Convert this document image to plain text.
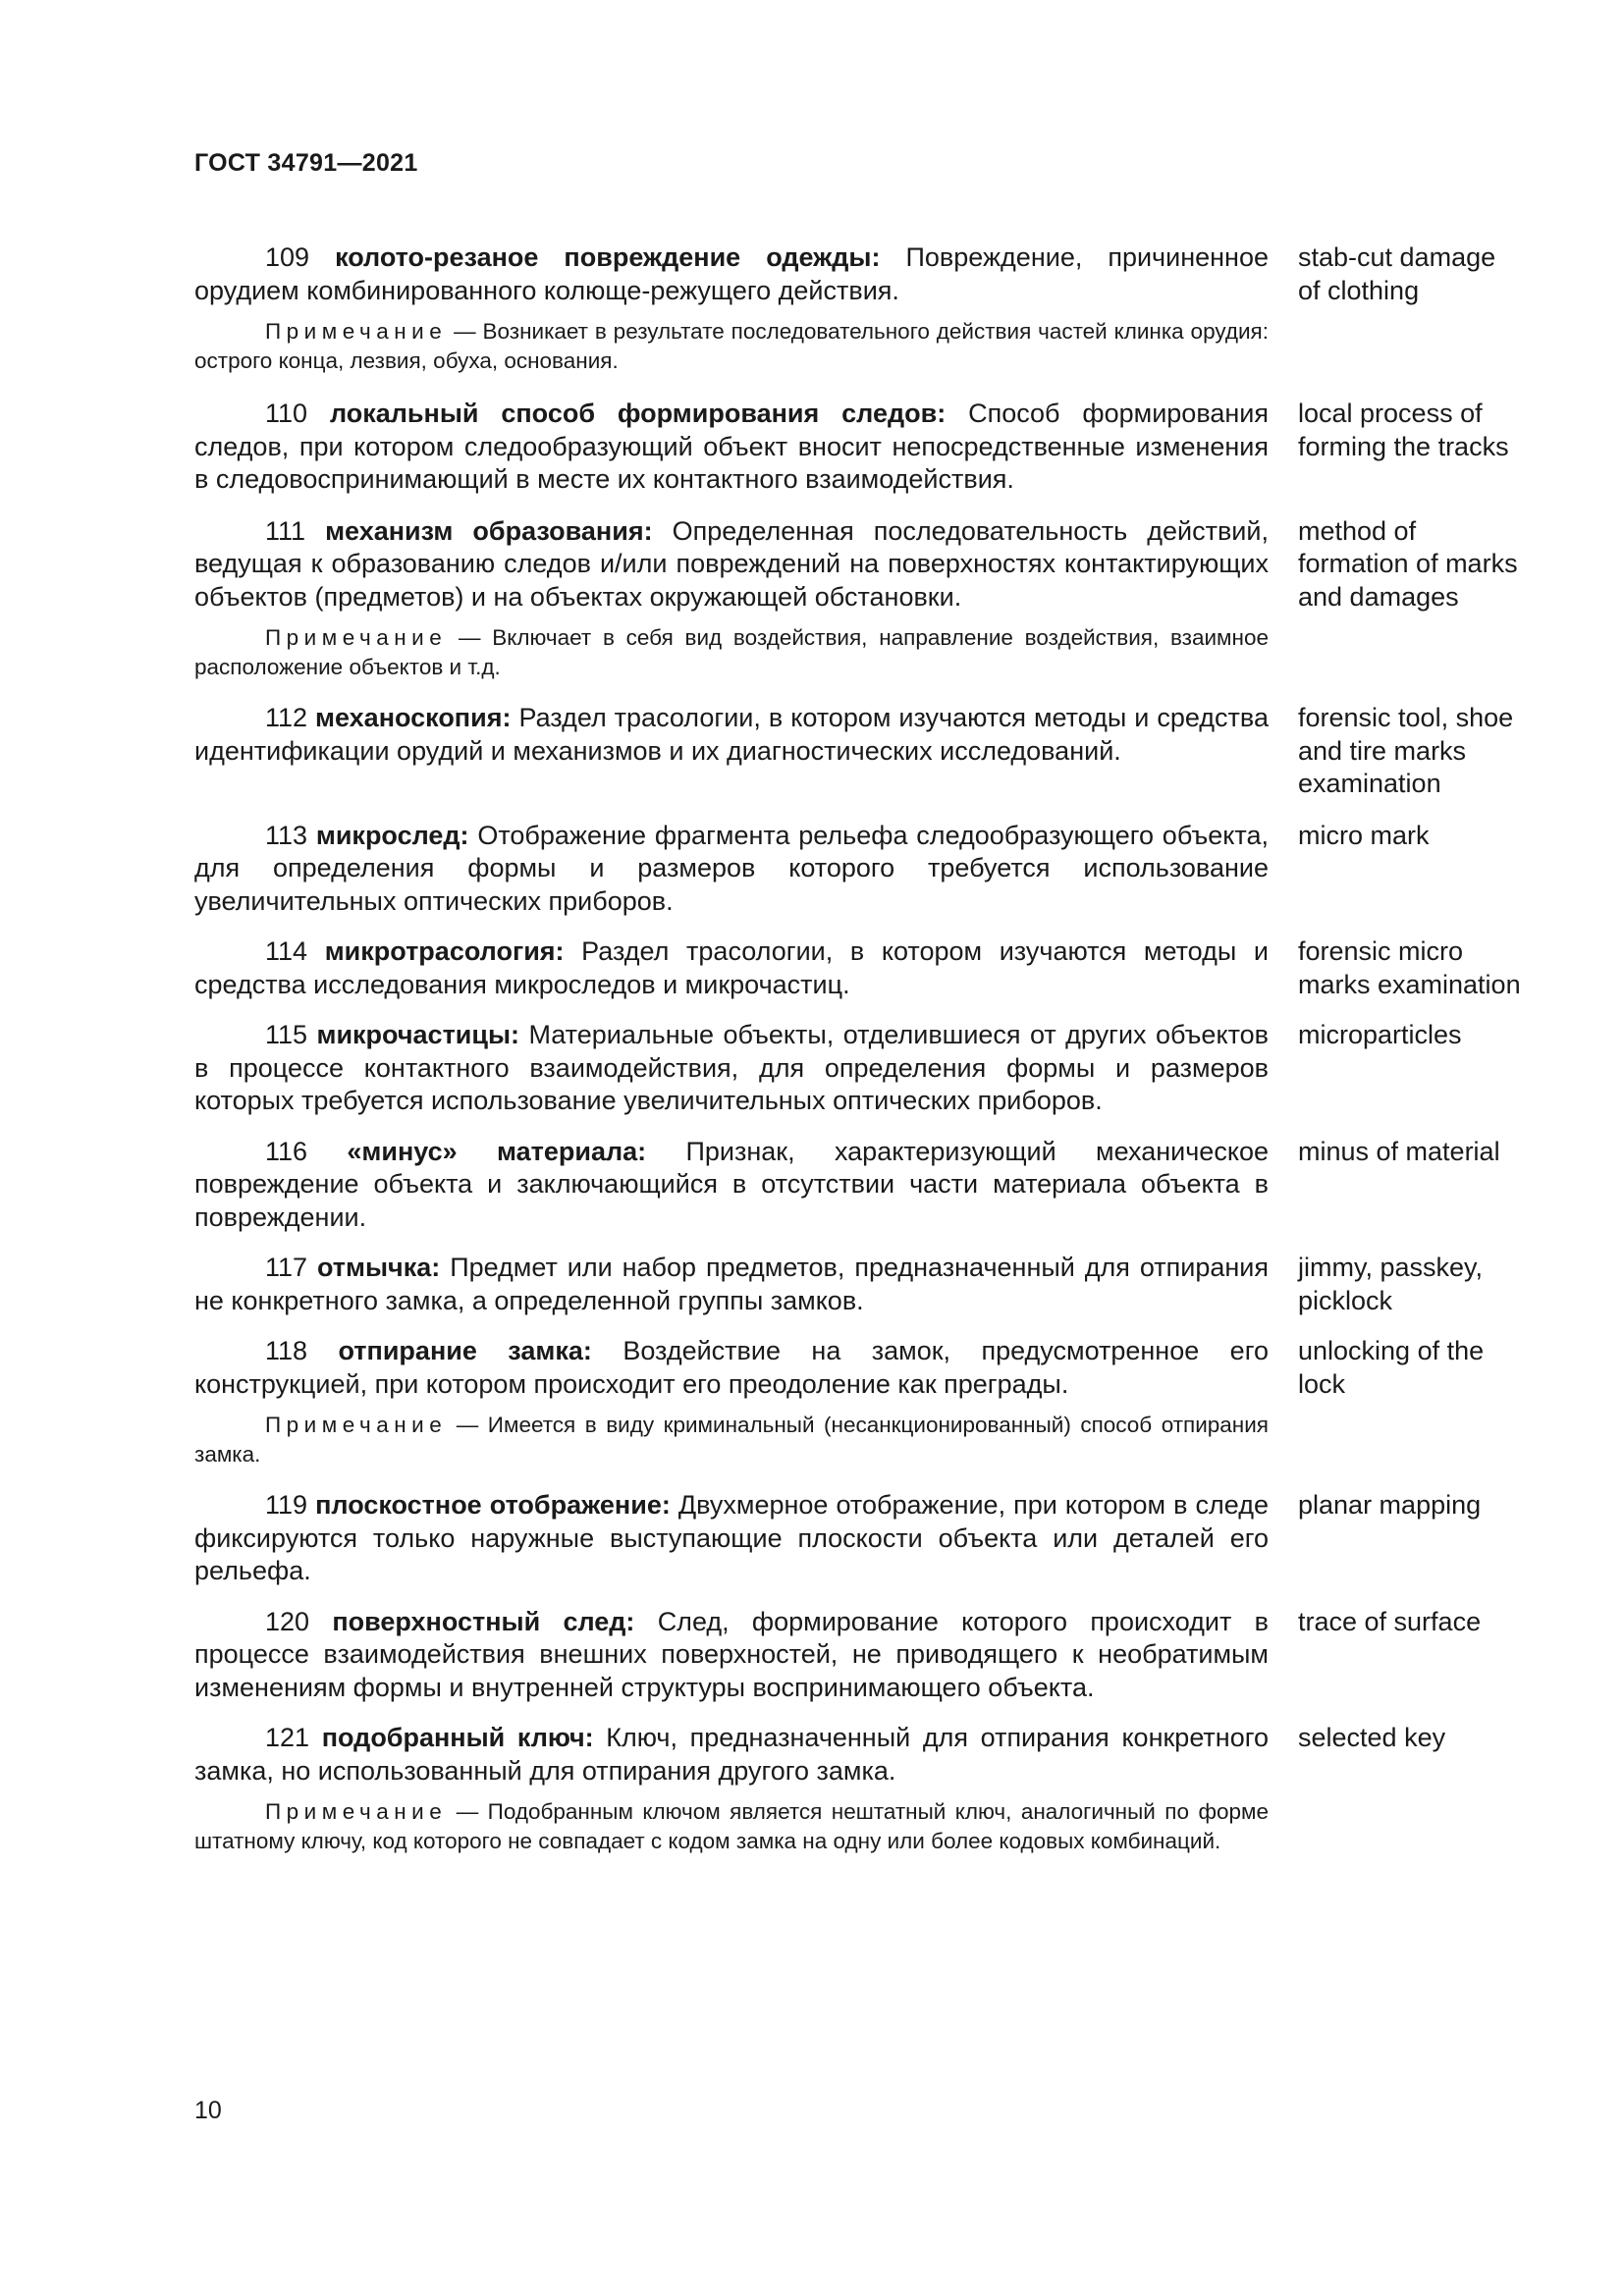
ГОСТ 34791—2021

109 колото-резаное повреждение одежды: Повреждение, причиненное орудием комбинированного колюще-режущего действия.

Примечание — Возникает в результате последовательного действия частей клинка орудия: острого конца, лезвия, обуха, основания.

stab-cut damage of clothing

110 локальный способ формирования следов: Способ формирования следов, при котором следообразующий объект вносит непосредственные изменения в следовоспринимающий в месте их контактного взаимодействия.

local process of forming the tracks

111 механизм образования: Определенная последовательность действий, ведущая к образованию следов и/или повреждений на поверхностях контактирующих объектов (предметов) и на объектах окружающей обстановки.

Примечание — Включает в себя вид воздействия, направление воздействия, взаимное расположение объектов и т.д.

method of formation of marks and damages

112 механоскопия: Раздел трасологии, в котором изучаются методы и средства идентификации орудий и механизмов и их диагностических исследований.

forensic tool, shoe and tire marks examination

113 микрослед: Отображение фрагмента рельефа следообразующего объекта, для определения формы и размеров которого требуется использование увеличительных оптических приборов.

micro mark

114 микротрасология: Раздел трасологии, в котором изучаются методы и средства исследования микроследов и микрочастиц.

forensic micro marks examination

115 микрочастицы: Материальные объекты, отделившиеся от других объектов в процессе контактного взаимодействия, для определения формы и размеров которых требуется использование увеличительных оптических приборов.

microparticles

116 «минус» материала: Признак, характеризующий механическое повреждение объекта и заключающийся в отсутствии части материала объекта в повреждении.

minus of material

117 отмычка: Предмет или набор предметов, предназначенный для отпирания не конкретного замка, а определенной группы замков.

jimmy, passkey, picklock

118 отпирание замка: Воздействие на замок, предусмотренное его конструкцией, при котором происходит его преодоление как преграды.

Примечание — Имеется в виду криминальный (несанкционированный) способ отпирания замка.

unlocking of the lock

119 плоскостное отображение: Двухмерное отображение, при котором в следе фиксируются только наружные выступающие плоскости объекта или деталей его рельефа.

planar mapping

120 поверхностный след: След, формирование которого происходит в процессе взаимодействия внешних поверхностей, не приводящего к необратимым изменениям формы и внутренней структуры воспринимающего объекта.

trace of surface

121 подобранный ключ: Ключ, предназначенный для отпирания конкретного замка, но использованный для отпирания другого замка.

Примечание — Подобранным ключом является нештатный ключ, аналогичный по форме штатному ключу, код которого не совпадает с кодом замка на одну или более кодовых комбинаций.

selected key
10
